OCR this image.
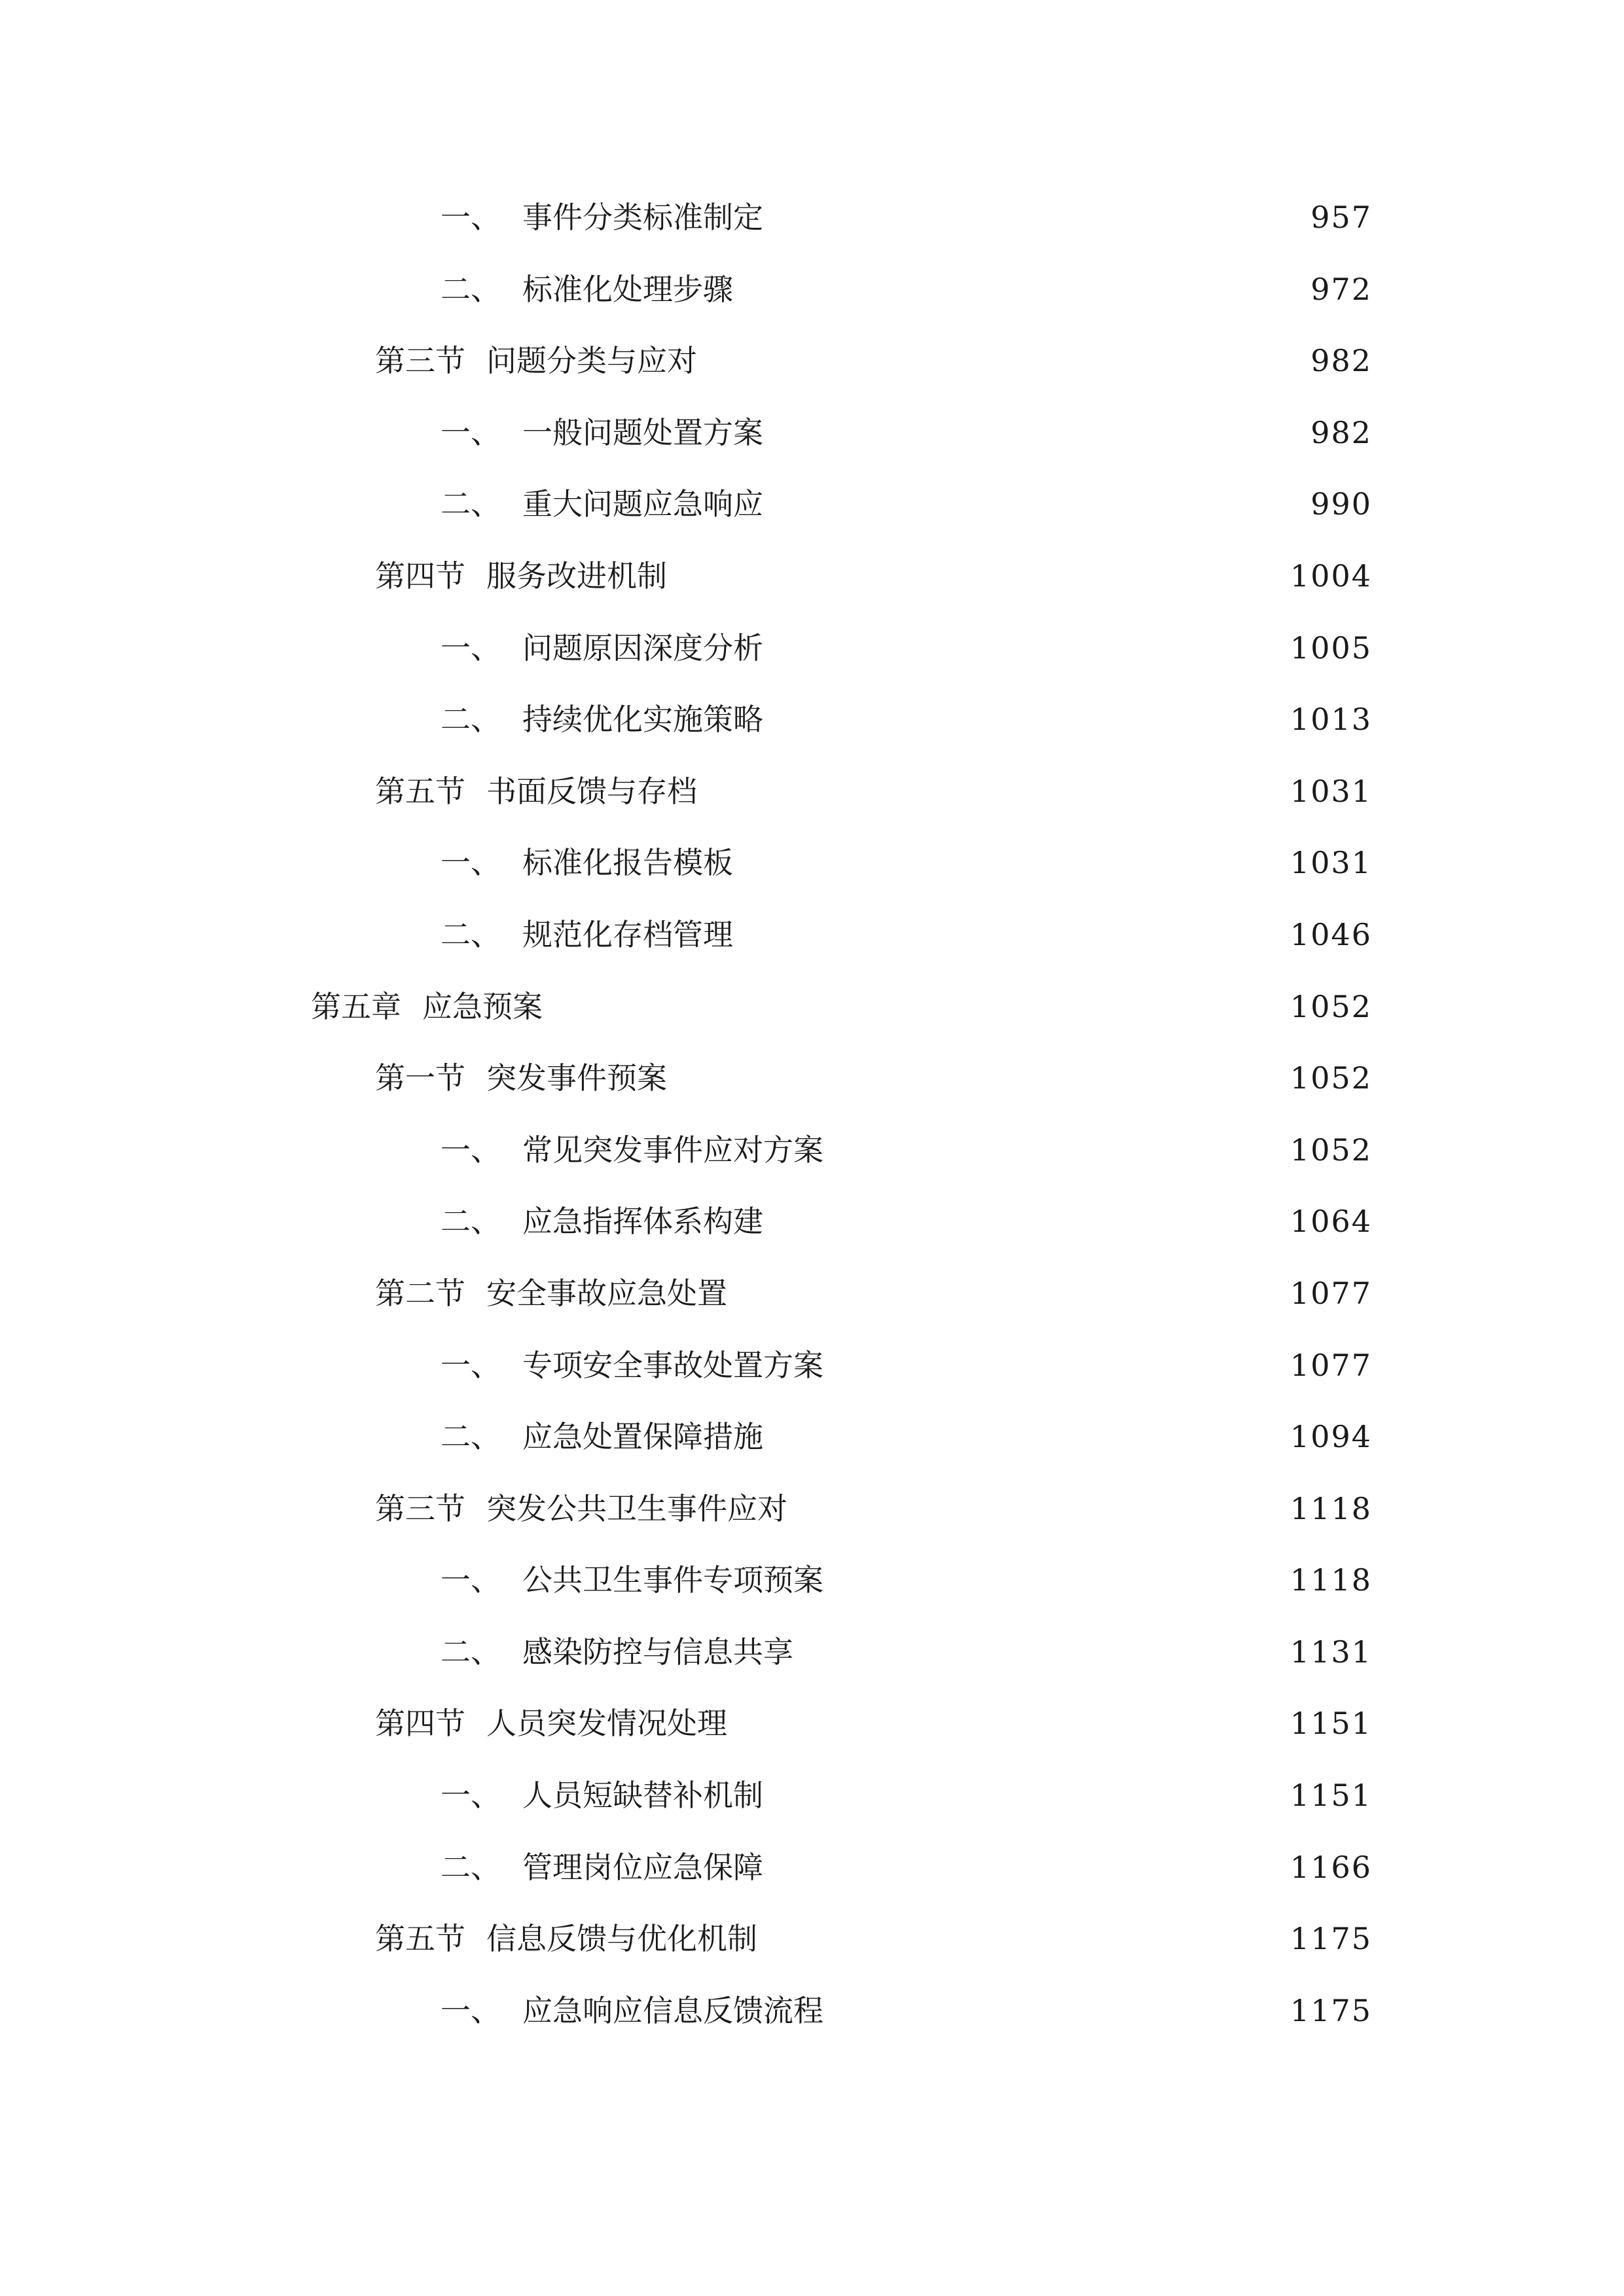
一、 事件分类标准制定	957
二、 标准化处理步骤	972
第三节 问题分类与应对	982
一、 一般问题处置方案	982
二、 重大问题应急响应	990
第四节 服务改进机制	1004
一、 问题原因深度分析	1005
二、 持续优化实施策略	1013
第五节 书面反馈与存档	1031
一、 标准化报告模板	1031
二、 规范化存档管理	1046
第五章 应急预案	1052
第一节 突发事件预案	1052
一、 常见突发事件应对方案	1052
二、 应急指挥体系构建	1064
第二节 安全事故应急处置	1077
一、 专项安全事故处置方案	1077
二、 应急处置保障措施	1094
第三节 突发公共卫生事件应对	1118
一、 公共卫生事件专项预案	1118
二、 感染防控与信息共享	1131
第四节 人员突发情况处理	1151
一、 人员短缺替补机制	1151
二、 管理岗位应急保障	1166
第五节 信息反馈与优化机制	1175
一、 应急响应信息反馈流程	1175
